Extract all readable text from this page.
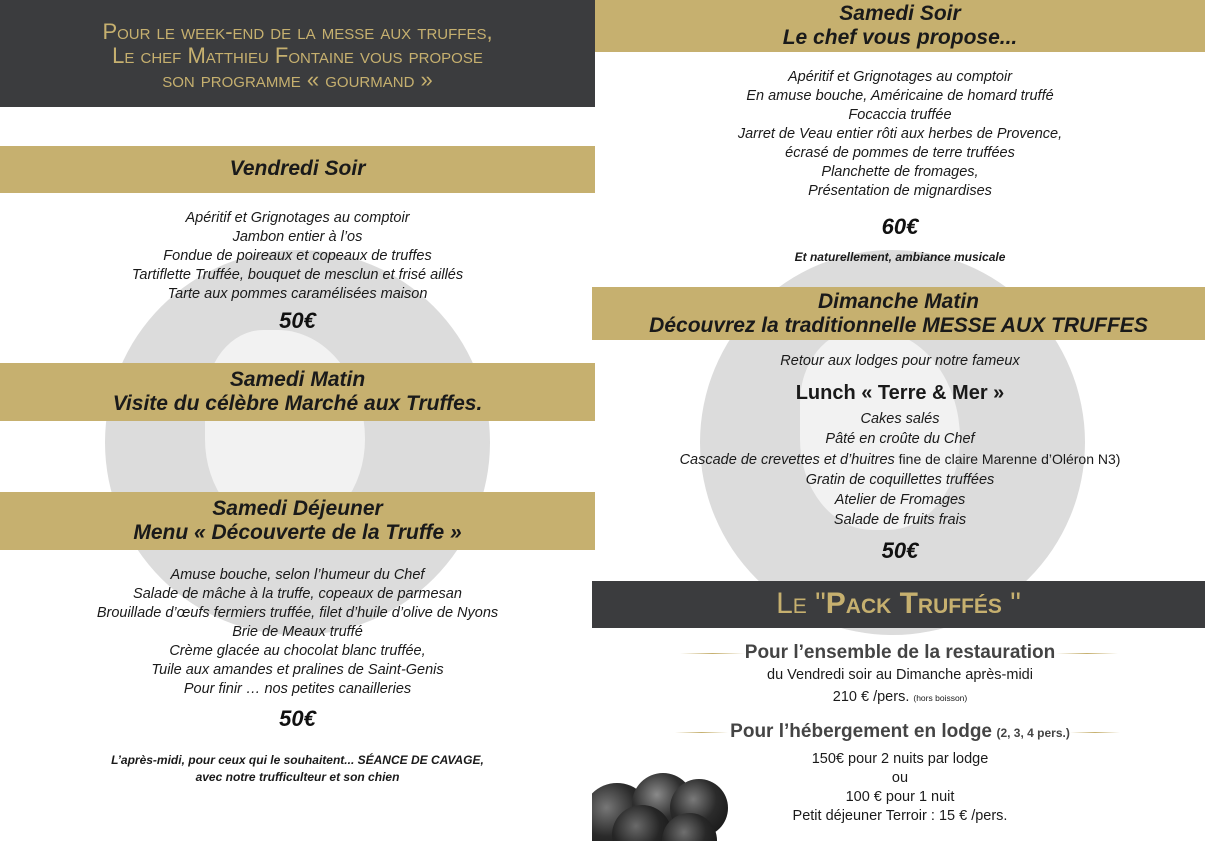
Pour le week-end de la messe aux truffes,
Le chef Matthieu Fontaine vous propose
son programme « gourmand »
Vendredi Soir
Apéritif et Grignotages au comptoir
Jambon entier à l’os
Fondue de poireaux et copeaux de truffes
Tartiflette Truffée, bouquet de mesclun et frisé aillés
Tarte aux pommes caramélisées maison
50€
Samedi Matin
Visite du célèbre Marché aux Truffes.
Samedi Déjeuner
Menu « Découverte de la Truffe »
Amuse bouche, selon l’humeur du Chef
Salade de mâche à la truffe, copeaux de parmesan
Brouillade d’œufs fermiers truffée, filet d’huile d’olive de Nyons
Brie de Meaux truffé
Crème glacée au chocolat blanc truffée,
Tuile aux amandes et pralines de Saint-Genis
Pour finir … nos petites canailleries
50€
L’après-midi, pour ceux qui le souhaitent... SÉANCE DE CAVAGE,
avec notre trufficulteur et son chien
Samedi Soir
Le chef vous propose...
Apéritif et Grignotages au comptoir
En amuse bouche, Américaine de homard truffé
Focaccia truffée
Jarret de Veau entier rôti aux herbes de Provence,
écrasé de pommes de terre truffées
Planchette de fromages,
Présentation de mignardises
60€
Et naturellement, ambiance musicale
Dimanche Matin
Découvrez la traditionnelle MESSE AUX TRUFFES
Retour aux lodges pour notre fameux
Lunch « Terre & Mer »
Cakes salés
Pâté en croûte du Chef
Cascade de crevettes et d’huitres fine de claire Marenne d’Oléron N3)
Gratin de coquillettes truffées
Atelier de Fromages
Salade de fruits frais
50€
Le "Pack Truffés "
Pour l’ensemble de la restauration
du Vendredi soir au Dimanche après-midi
210 € /pers. (hors boisson)
Pour l’hébergement en lodge (2, 3, 4 pers.)
150€ pour 2 nuits par lodge
ou
100 € pour 1 nuit
Petit déjeuner Terroir : 15 € /pers.
